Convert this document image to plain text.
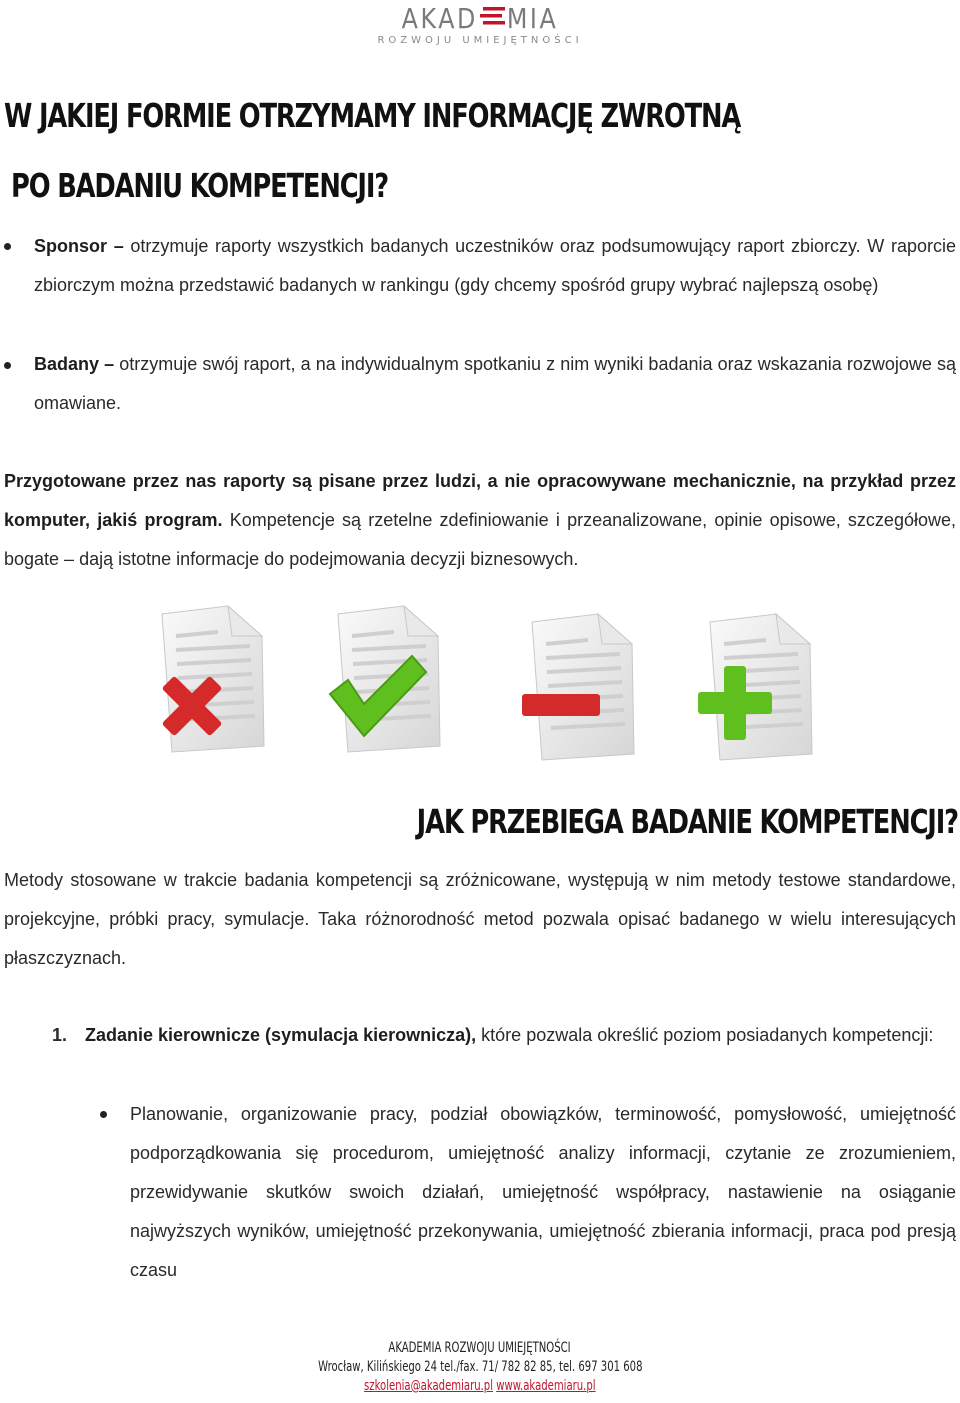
AKAD MIA
ROZWOJU UMIEJĘTNOŚCI
W JAKIEJ FORMIE OTRZYMAMY INFORMACJĘ ZWROTNĄ
PO BADANIU KOMPETENCJI?

Sponsor – otrzymuje raporty wszystkich badanych uczestników oraz podsumowujący raport zbiorczy. W raporcie zbiorczym można przedstawić badanych w rankingu (gdy chcemy spośród grupy wybrać najlepszą osobę)

Badany – otrzymuje swój raport, a na indywidualnym spotkaniu z nim wyniki badania oraz wskazania rozwojowe są omawiane.

Przygotowane przez nas raporty są pisane przez ludzi, a nie opracowywane mechanicznie, na przykład przez komputer, jakiś program. Kompetencje są rzetelne zdefiniowanie i przeanalizowane, opinie opisowe, szczegółowe, bogate – dają istotne informacje do podejmowania decyzji biznesowych.

JAK PRZEBIEGA BADANIE KOMPETENCJI?

Metody stosowane w trakcie badania kompetencji są zróżnicowane, występują w nim metody testowe standardowe, projekcyjne, próbki pracy, symulacje. Taka różnorodność metod pozwala opisać badanego w wielu interesujących płaszczyznach.

1. Zadanie kierownicze (symulacja kierownicza), które pozwala określić poziom posiadanych kompetencji:

Planowanie, organizowanie pracy, podział obowiązków, terminowość, pomysłowość, umiejętność podporządkowania się procedurom, umiejętność analizy informacji, czytanie ze zrozumieniem, przewidywanie skutków swoich działań, umiejętność współpracy, nastawienie na osiąganie najwyższych wyników, umiejętność przekonywania, umiejętność zbierania informacji, praca pod presją czasu

AKADEMIA ROZWOJU UMIEJĘTNOŚCI
Wrocław, Kilińskiego 24 tel./fax. 71/ 782 82 85, tel. 697 301 608
szkolenia@akademiaru.pl www.akademiaru.pl
